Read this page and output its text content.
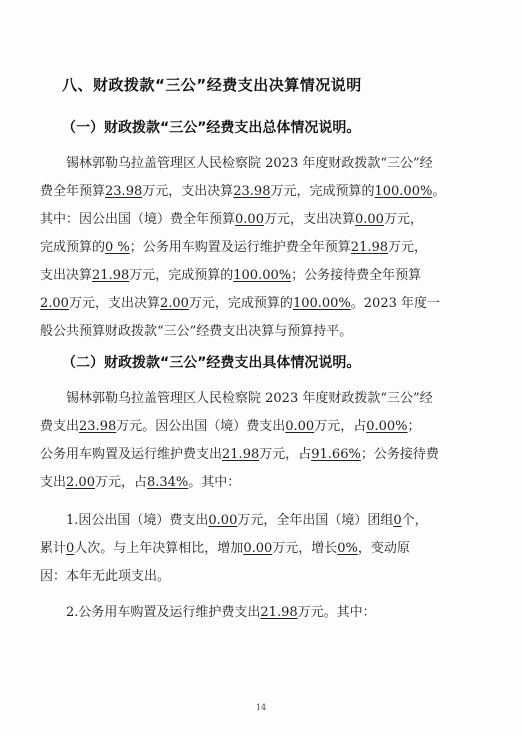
八、财政拨款“三公”经费支出决算情况说明
（一）财政拨款“三公”经费支出总体情况说明。
锡林郭勒乌拉盖管理区人民检察院 2023 年度财政拨款“三公”经
费全年预算23.98万元，支出决算23.98万元，完成预算的100.00%。
其中：因公出国（境）费全年预算0.00万元，支出决算0.00万元，
完成预算的0 %；公务用车购置及运行维护费全年预算21.98万元，
支出决算21.98万元，完成预算的100.00%；公务接待费全年预算
2.00万元，支出决算2.00万元，完成预算的100.00%。2023 年度一
般公共预算财政拨款“三公”经费支出决算与预算持平。
（二）财政拨款“三公”经费支出具体情况说明。
锡林郭勒乌拉盖管理区人民检察院 2023 年度财政拨款“三公”经
费支出23.98万元。因公出国（境）费支出0.00万元，占0.00%；
公务用车购置及运行维护费支出21.98万元，占91.66%；公务接待费
支出2.00万元，占8.34%。其中：
1.因公出国（境）费支出0.00万元，全年出国（境）团组0个，
累计0人次。与上年决算相比，增加0.00万元，增长0%，变动原
因：本年无此项支出。
2.公务用车购置及运行维护费支出21.98万元。其中：
14
